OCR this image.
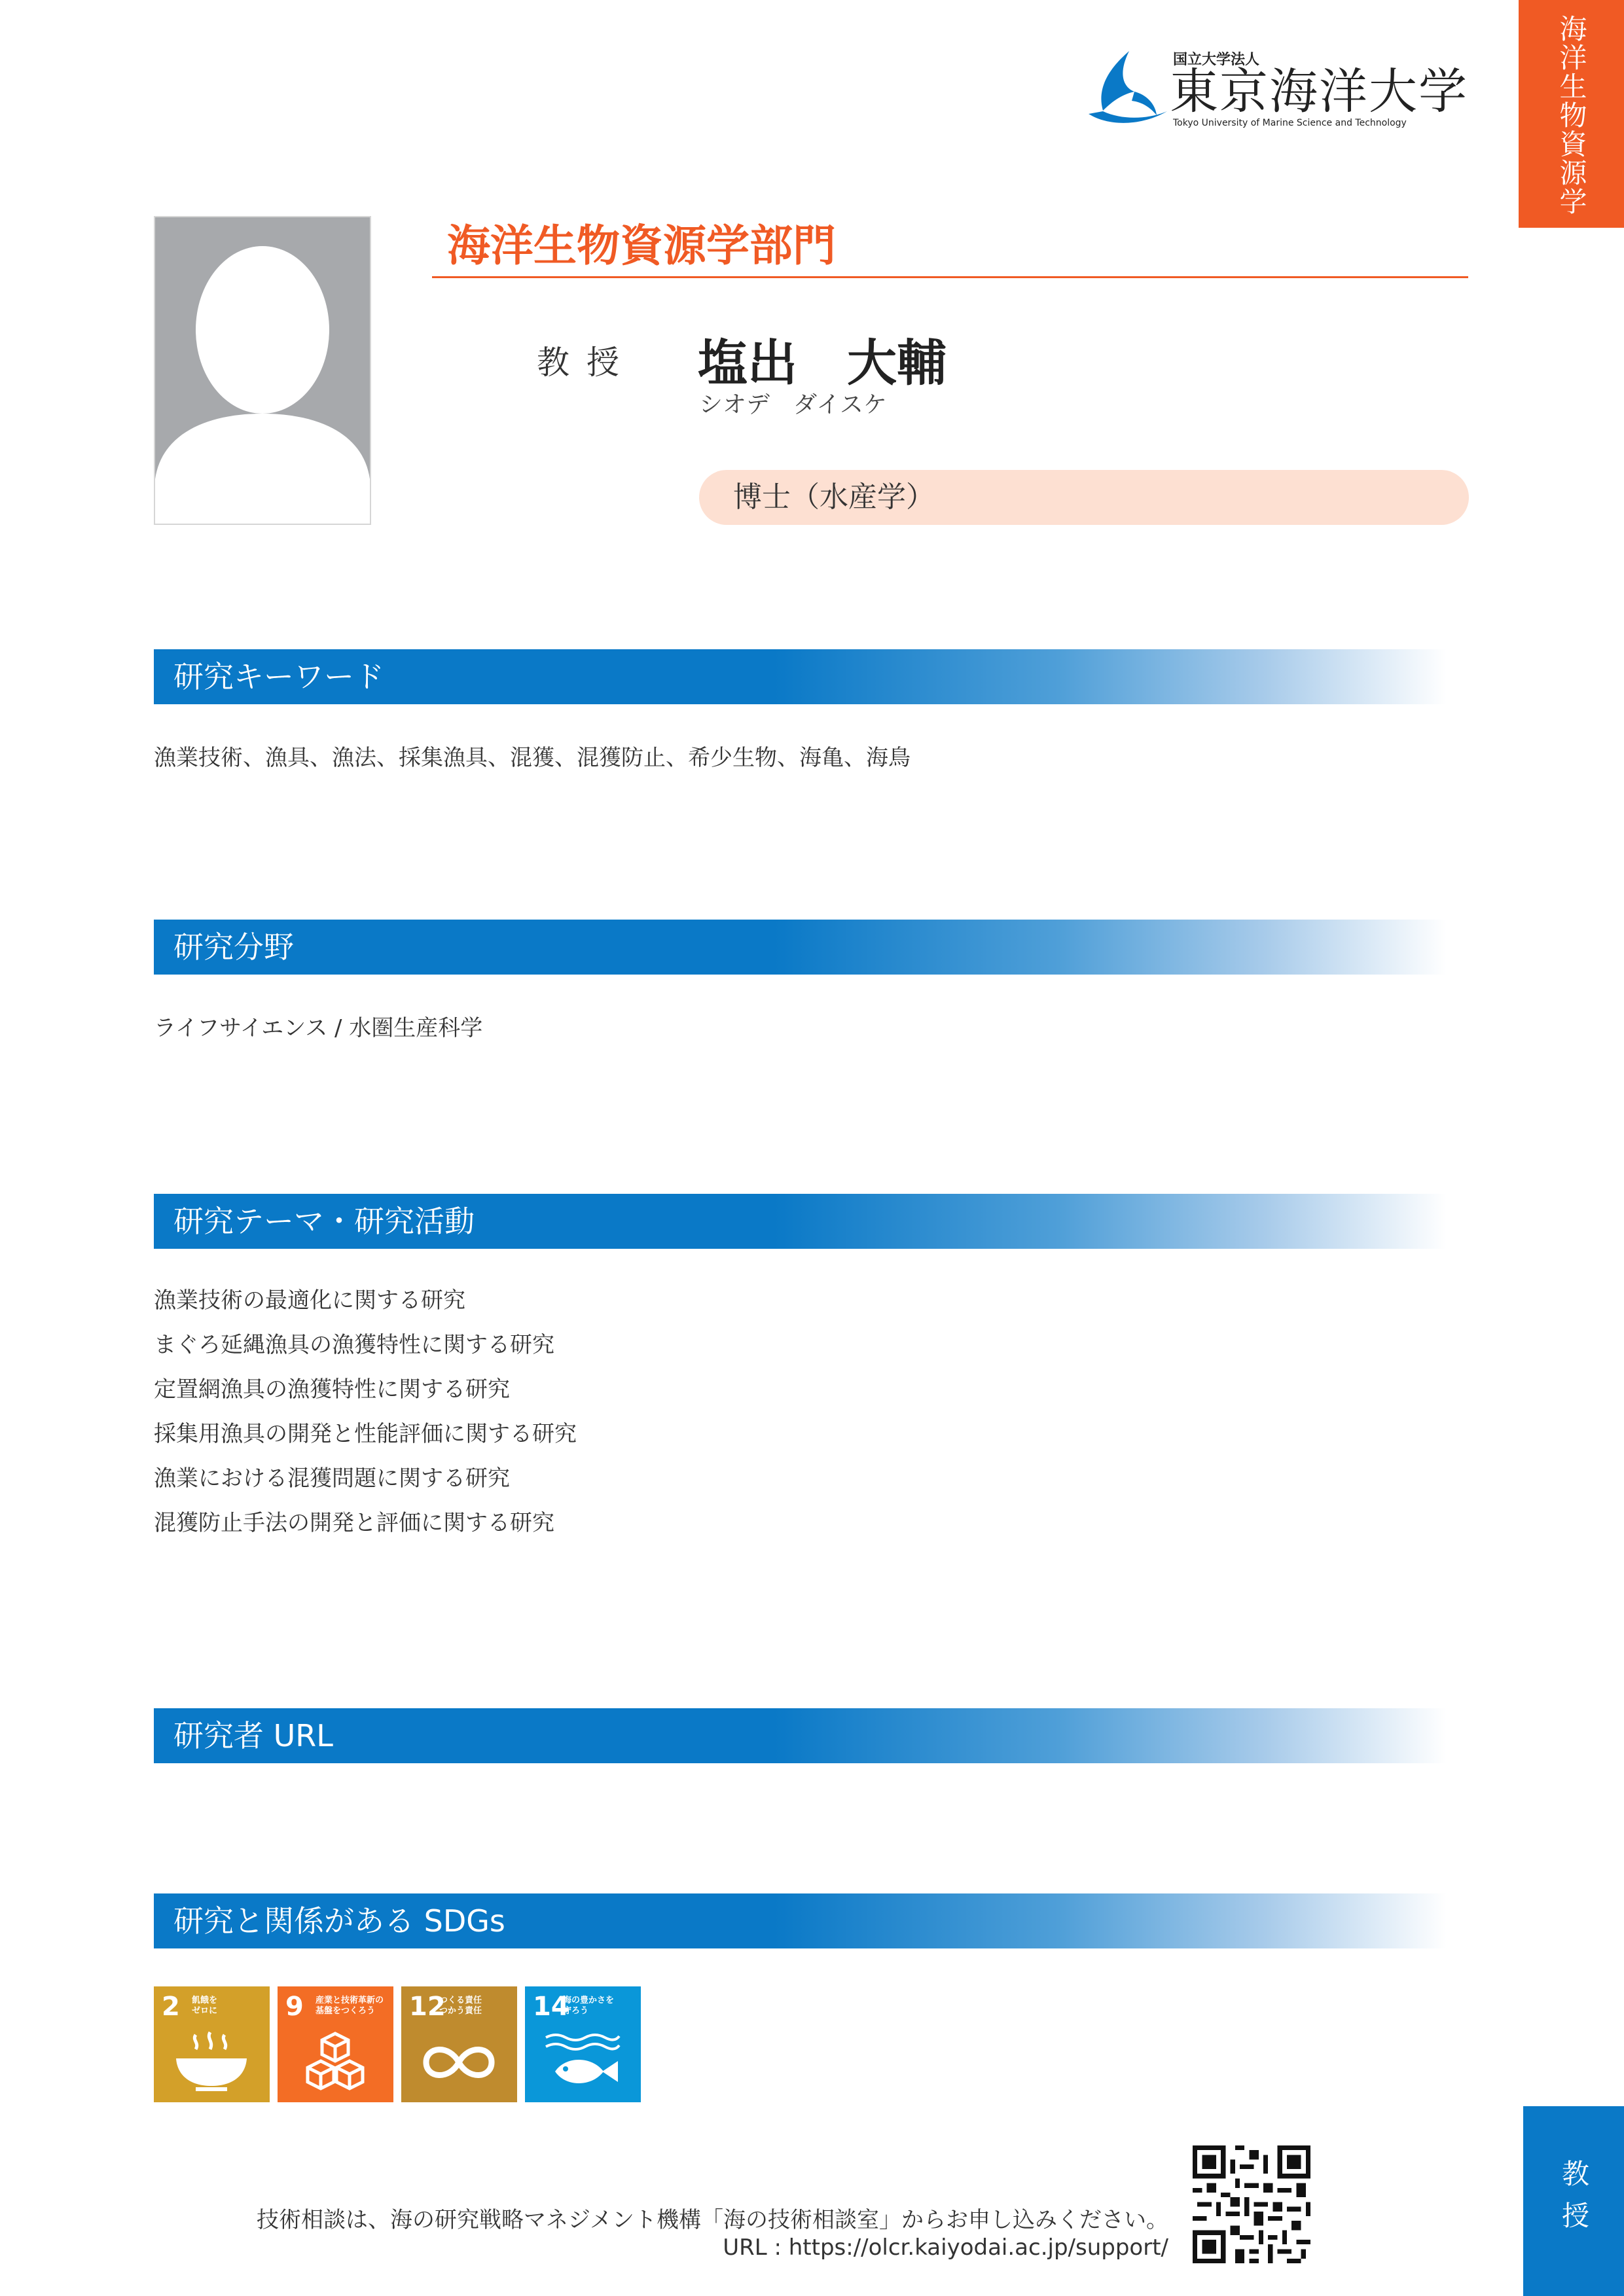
海洋生物資源学
教授
国立大学法人
東京海洋大学
Tokyo University of Marine Science and Technology
海洋生物資源学部門
教授 塩出　大輔
シオデ　ダイスケ
博士（水産学）
研究キーワード
漁業技術、漁具、漁法、採集漁具、混獲、混獲防止、希少生物、海亀、海鳥
研究分野
ライフサイエンス / 水圏生産科学
研究テーマ・研究活動
漁業技術の最適化に関する研究
まぐろ延縄漁具の漁獲特性に関する研究
定置網漁具の漁獲特性に関する研究
採集用漁具の開発と性能評価に関する研究
漁業における混獲問題に関する研究
混獲防止手法の開発と評価に関する研究
研究者 URL
研究と関係がある SDGs
2 飢餓を
ゼロに	9 産業と技術革新の
基盤をつくろう	12
つくる責任
つかう責任	14
海の豊かさを
守ろう
技術相談は、海の研究戦略マネジメント機構「海の技術相談室」からお申し込みください。
URL : https://olcr.kaiyodai.ac.jp/support/
